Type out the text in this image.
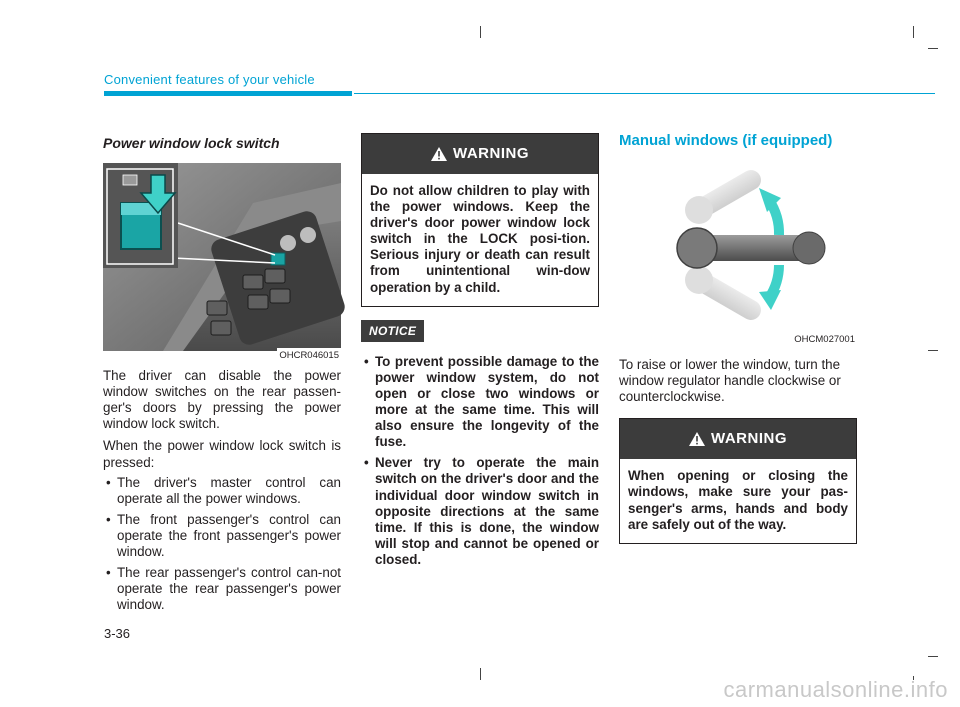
Convenient features of your vehicle
Power window lock switch
OHCR046015

The driver can disable the power window switches on the rear passen-ger's doors by pressing the power window lock switch.

When the power window lock switch is pressed:

• The driver's master control can operate all the power windows.
• The front passenger's control can operate the front passenger's power window.
• The rear passenger's control can-not operate the rear passenger's power window.
WARNING
Do not allow children to play with the power windows. Keep the driver's door power window lock switch in the LOCK posi-tion. Serious injury or death can result from unintentional win-dow operation by a child.
NOTICE
• To prevent possible damage to the power window system, do not open or close two windows or more at the same time. This will also ensure the longevity of the fuse.
• Never try to operate the main switch on the driver's door and the individual door window switch in opposite directions at the same time. If this is done, the window will stop and cannot be opened or closed.
Manual windows (if equipped)
OHCM027001

To raise or lower the window, turn the window regulator handle clockwise or counterclockwise.

WARNING
When opening or closing the windows, make sure your pas-senger's arms, hands and body are safely out of the way.
3-36
carmanualsonline.info
